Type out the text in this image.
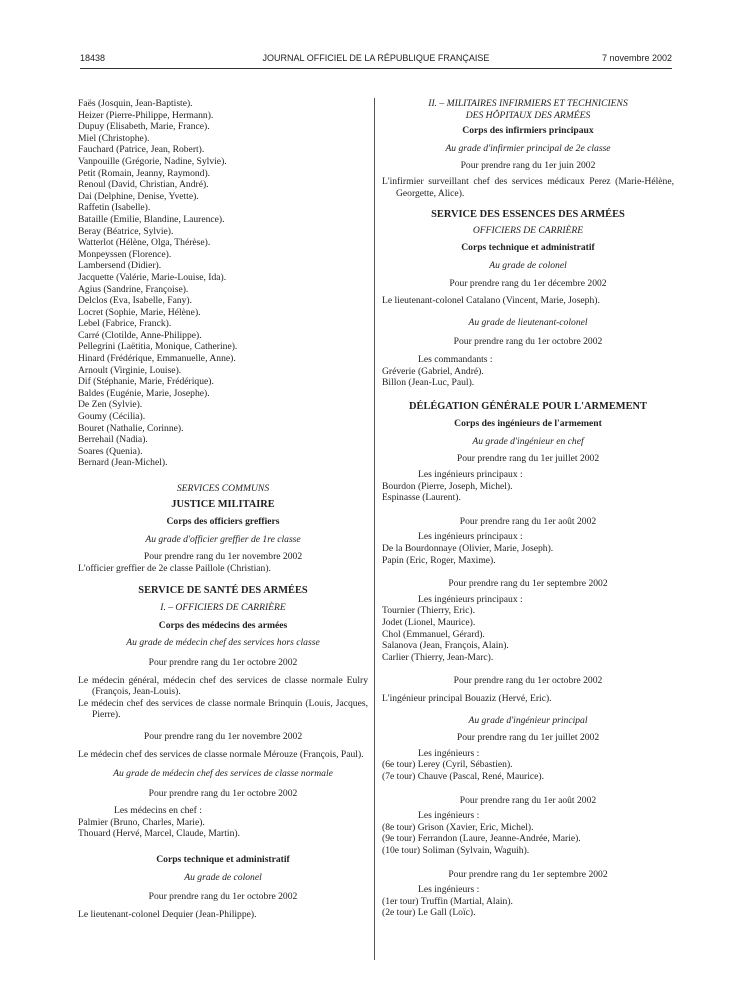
18438	JOURNAL OFFICIEL DE LA RÉPUBLIQUE FRANÇAISE	7 novembre 2002
Faës (Josquin, Jean-Baptiste).
Heizer (Pierre-Philippe, Hermann).
Dupuy (Elisabeth, Marie, France).
Miel (Christophe).
Fauchard (Patrice, Jean, Robert).
Vanpouille (Grégorie, Nadine, Sylvie).
Petit (Romain, Jeanny, Raymond).
Renoul (David, Christian, André).
Dai (Delphine, Denise, Yvette).
Raffetin (Isabelle).
Bataille (Emilie, Blandine, Laurence).
Beray (Béatrice, Sylvie).
Watterlot (Hélène, Olga, Thérèse).
Monpeyssen (Florence).
Lambersend (Didier).
Jacquette (Valérie, Marie-Louise, Ida).
Agius (Sandrine, Françoise).
Delclos (Eva, Isabelle, Fany).
Locret (Sophie, Marie, Hélène).
Lebel (Fabrice, Franck).
Carré (Clotilde, Anne-Philippe).
Pellegrini (Laëtitia, Monique, Catherine).
Hinard (Frédérique, Emmanuelle, Anne).
Arnoult (Virginie, Louise).
Dif (Stéphanie, Marie, Frédérique).
Baldes (Eugénie, Marie, Josephe).
De Zen (Sylvie).
Goumy (Cécilia).
Bouret (Nathalie, Corinne).
Berrehail (Nadia).
Soares (Quenia).
Bernard (Jean-Michel).
SERVICES COMMUNS
JUSTICE MILITAIRE
Corps des officiers greffiers
Au grade d'officier greffier de 1re classe
Pour prendre rang du 1er novembre 2002
L'officier greffier de 2e classe Paillole (Christian).
SERVICE DE SANTÉ DES ARMÉES
I. – OFFICIERS DE CARRIÈRE
Corps des médecins des armées
Au grade de médecin chef des services hors classe
Pour prendre rang du 1er octobre 2002
Le médecin général, médecin chef des services de classe normale Eulry (François, Jean-Louis).
Le médecin chef des services de classe normale Brinquin (Louis, Jacques, Pierre).
Pour prendre rang du 1er novembre 2002
Le médecin chef des services de classe normale Mérouze (François, Paul).
Au grade de médecin chef des services de classe normale
Pour prendre rang du 1er octobre 2002
Les médecins en chef :
Palmier (Bruno, Charles, Marie).
Thouard (Hervé, Marcel, Claude, Martin).
Corps technique et administratif
Au grade de colonel
Pour prendre rang du 1er octobre 2002
Le lieutenant-colonel Dequier (Jean-Philippe).
II. – MILITAIRES INFIRMIERS ET TECHNICIENS
DES HÔPITAUX DES ARMÉES
Corps des infirmiers principaux
Au grade d'infirmier principal de 2e classe
Pour prendre rang du 1er juin 2002
L'infirmier surveillant chef des services médicaux Perez (Marie-Hélène, Georgette, Alice).
SERVICE DES ESSENCES DES ARMÉES
OFFICIERS DE CARRIÈRE
Corps technique et administratif
Au grade de colonel
Pour prendre rang du 1er décembre 2002
Le lieutenant-colonel Catalano (Vincent, Marie, Joseph).
Au grade de lieutenant-colonel
Pour prendre rang du 1er octobre 2002
Les commandants :
Gréverie (Gabriel, André).
Billon (Jean-Luc, Paul).
DÉLÉGATION GÉNÉRALE POUR L'ARMEMENT
Corps des ingénieurs de l'armement
Au grade d'ingénieur en chef
Pour prendre rang du 1er juillet 2002
Les ingénieurs principaux :
Bourdon (Pierre, Joseph, Michel).
Espinasse (Laurent).
Pour prendre rang du 1er août 2002
Les ingénieurs principaux :
De la Bourdonnaye (Olivier, Marie, Joseph).
Papin (Eric, Roger, Maxime).
Pour prendre rang du 1er septembre 2002
Les ingénieurs principaux :
Tournier (Thierry, Eric).
Jodet (Lionel, Maurice).
Chol (Emmanuel, Gérard).
Salanova (Jean, François, Alain).
Carlier (Thierry, Jean-Marc).
Pour prendre rang du 1er octobre 2002
L'ingénieur principal Bouaziz (Hervé, Eric).
Au grade d'ingénieur principal
Pour prendre rang du 1er juillet 2002
Les ingénieurs :
(6e tour) Lerey (Cyril, Sébastien).
(7e tour) Chauve (Pascal, René, Maurice).
Pour prendre rang du 1er août 2002
Les ingénieurs :
(8e tour) Grison (Xavier, Eric, Michel).
(9e tour) Ferrandon (Laure, Jeanne-Andrée, Marie).
(10e tour) Soliman (Sylvain, Waguih).
Pour prendre rang du 1er septembre 2002
Les ingénieurs :
(1er tour) Truffin (Martial, Alain).
(2e tour) Le Gall (Loïc).
